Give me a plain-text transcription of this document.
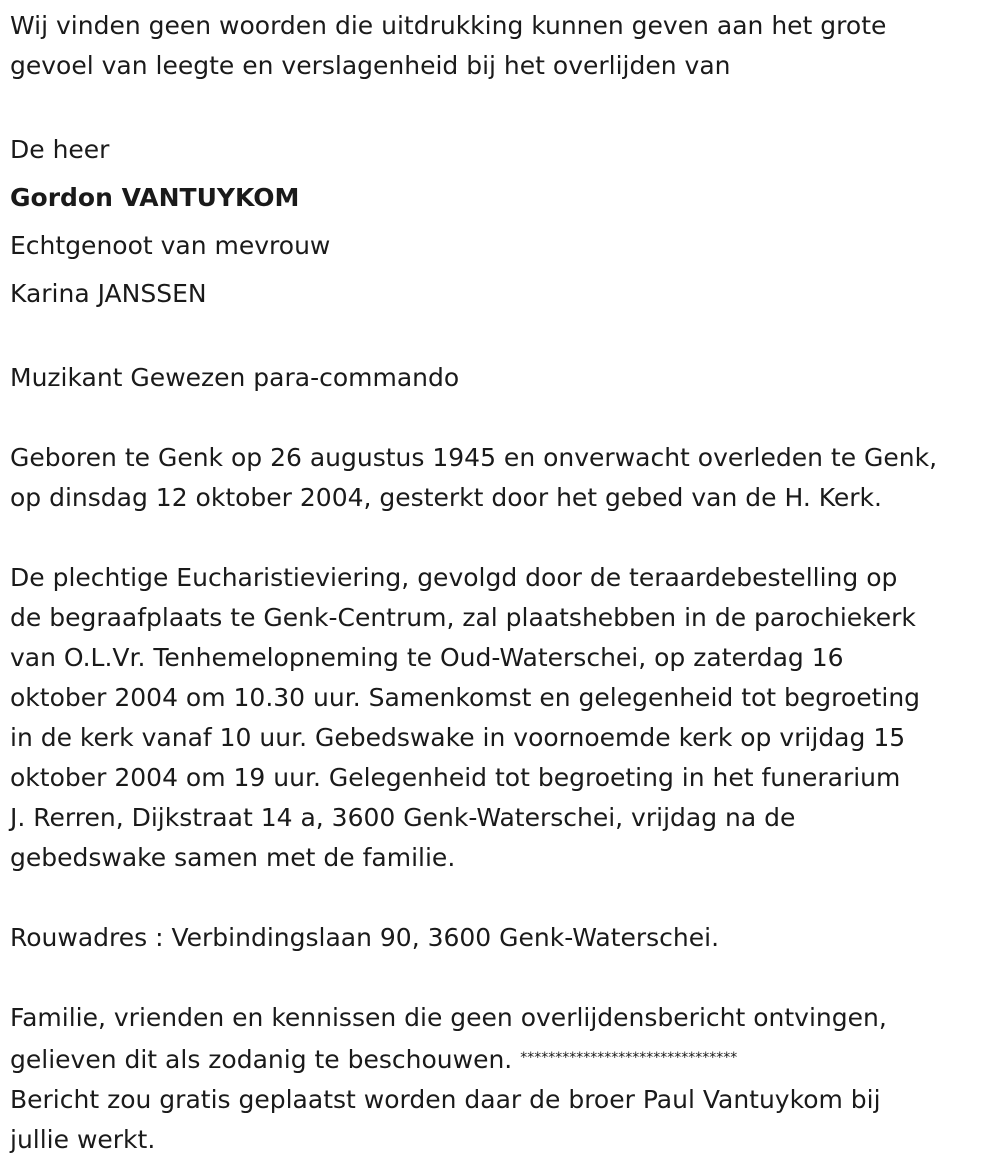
Wij vinden geen woorden die uitdrukking kunnen geven aan het grote

gevoel van leegte en verslagenheid bij het overlijden van

De heer

Gordon VANTUYKOM

Echtgenoot van mevrouw

Karina JANSSEN

Muzikant Gewezen para-commando

Geboren te Genk op 26 augustus 1945 en onverwacht overleden te Genk,

op dinsdag 12 oktober 2004, gesterkt door het gebed van de H. Kerk.

De plechtige Eucharistieviering, gevolgd door de teraardebestelling op

de begraafplaats te Genk-Centrum, zal plaatshebben in de parochiekerk

van O.L.Vr. Tenhemelopneming te Oud-Waterschei, op zaterdag 16

oktober 2004 om 10.30 uur. Samenkomst en gelegenheid tot begroeting

in de kerk vanaf 10 uur. Gebedswake in voornoemde kerk op vrijdag 15

oktober 2004 om 19 uur. Gelegenheid tot begroeting in het funerarium

J. Rerren, Dijkstraat 14 a, 3600 Genk-Waterschei, vrijdag na de

gebedswake samen met de familie.

Rouwadres : Verbindingslaan 90, 3600 Genk-Waterschei.

Familie, vrienden en kennissen die geen overlijdensbericht ontvingen,

gelieven dit als zodanig te beschouwen. *******************************

Bericht zou gratis geplaatst worden daar de broer Paul Vantuykom bij

jullie werkt.
